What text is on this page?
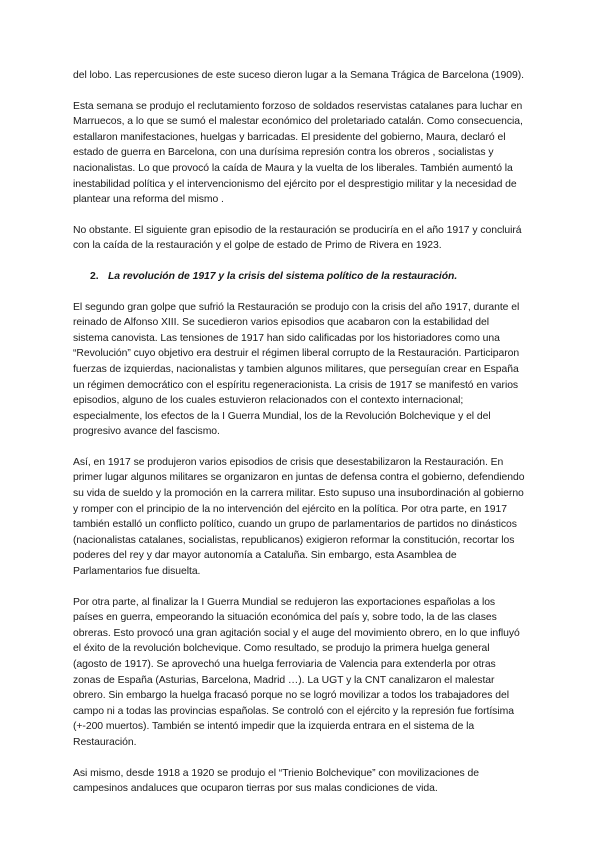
del lobo. Las repercusiones de este suceso dieron lugar a la Semana Trágica de Barcelona (1909).

Esta semana se produjo el reclutamiento forzoso de soldados reservistas catalanes para luchar en Marruecos, a lo que se sumó el malestar económico del proletariado catalán. Como consecuencia, estallaron manifestaciones, huelgas y barricadas. El presidente del gobierno, Maura, declaró el estado de guerra en Barcelona, con una durísima represión contra los obreros , socialistas y nacionalistas. Lo que provocó la caída de Maura y la vuelta de los liberales. También aumentó la inestabilidad política y el intervencionismo del ejército por el desprestigio militar y la necesidad de plantear una reforma del mismo .

No obstante. El siguiente gran episodio de la restauración se produciría en el año 1917 y concluirá con la caída de la restauración y el golpe de estado de Primo de Rivera en 1923.

2. La revolución de 1917 y la crisis del sistema político de la restauración.

El segundo gran golpe que sufrió la Restauración se produjo con la crisis del año 1917, durante el reinado de Alfonso XIII. Se sucedieron varios episodios que acabaron con la estabilidad del sistema canovista. Las tensiones de 1917 han sido calificadas por los historiadores como una “Revolución” cuyo objetivo era destruir el régimen liberal corrupto de la Restauración. Participaron fuerzas de izquierdas, nacionalistas y tambien algunos militares, que perseguían crear en España un régimen democrático con el espíritu regeneracionista. La crisis de 1917 se manifestó en varios episodios, alguno de los cuales estuvieron relacionados con el contexto internacional; especialmente, los efectos de la I Guerra Mundial, los de la Revolución Bolchevique y el del progresivo avance del fascismo.

Así, en 1917 se produjeron varios episodios de crisis que desestabilizaron la Restauración. En primer lugar algunos militares se organizaron en juntas de defensa contra el gobierno, defendiendo su vida de sueldo y la promoción en la carrera militar. Esto supuso una insubordinación al gobierno y romper con el principio de la no intervención del ejército en la política. Por otra parte, en 1917 también estalló un conflicto político, cuando un grupo de parlamentarios de partidos no dinásticos (nacionalistas catalanes, socialistas, republicanos) exigieron reformar la constitución, recortar los poderes del rey y dar mayor autonomía a Cataluña. Sin embargo, esta Asamblea de Parlamentarios fue disuelta.

Por otra parte, al finalizar la I Guerra Mundial se redujeron las exportaciones españolas a los países en guerra, empeorando la situación económica del país y, sobre todo, la de las clases obreras. Esto provocó una gran agitación social y el auge del movimiento obrero, en lo que influyó el éxito de la revolución bolchevique. Como resultado, se produjo la primera huelga general (agosto de 1917). Se aprovechó una huelga ferroviaria de Valencia para extenderla por otras zonas de España (Asturias, Barcelona, Madrid …). La UGT y la CNT canalizaron el malestar obrero. Sin embargo la huelga fracasó porque no se logró movilizar a todos los trabajadores del campo ni a todas las provincias españolas. Se controló con el ejército y la represión fue fortísima (+-200 muertos). También se intentó impedir que la izquierda entrara en el sistema de la Restauración.

Asi mismo, desde 1918 a 1920 se produjo el “Trienio Bolchevique” con movilizaciones de campesinos andaluces que ocuparon tierras por sus malas condiciones de vida.
